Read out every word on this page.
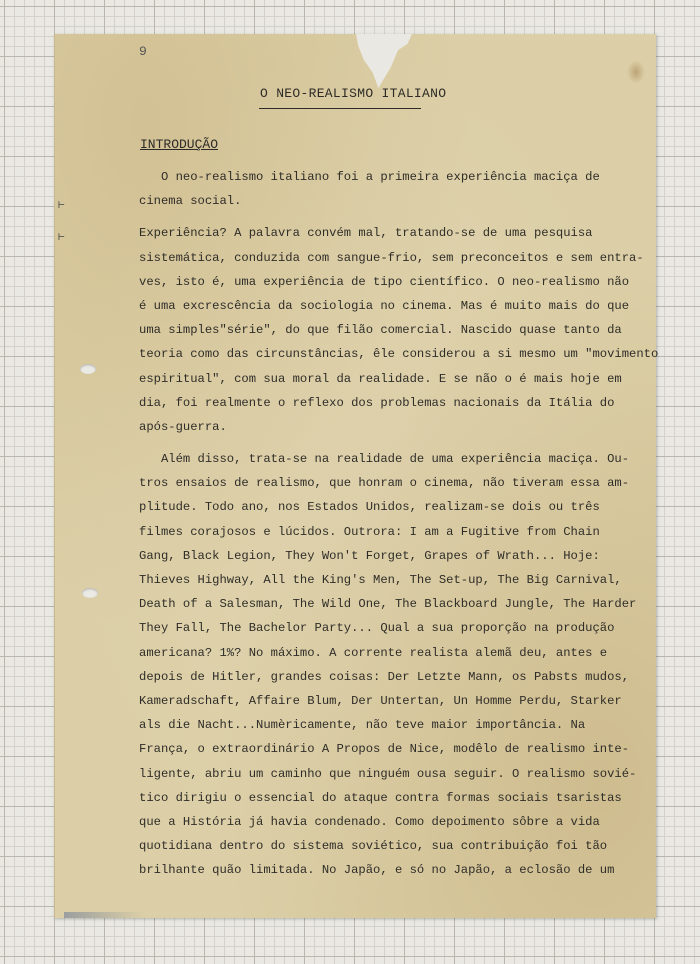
⊢
⊢
9
O NEO-REALISMO ITALIANO
INTRODUÇÃO
O neo-realismo italiano foi a primeira experiência maciça de
cinema social.
Experiência? A palavra convém mal, tratando-se de uma pesquisa
sistemática, conduzida com sangue-frio, sem preconceitos e sem entra-
ves, isto é, uma experiência de tipo científico. O neo-realismo não
é uma excrescência da sociologia no cinema. Mas é muito mais do que
uma simples"série", do que filão comercial. Nascido quase tanto da
teoria como das circunstâncias, êle considerou a si mesmo um "movimento
espiritual", com sua moral da realidade. E se não o é mais hoje em
dia, foi realmente o reflexo dos problemas nacionais da Itália do
após-guerra.
Além disso, trata-se na realidade de uma experiência maciça. Ou-
tros ensaios de realismo, que honram o cinema, não tiveram essa am-
plitude. Todo ano, nos Estados Unidos, realizam-se dois ou três
filmes corajosos e lúcidos. Outrora: I am a Fugitive from Chain
Gang, Black Legion, They Won't Forget, Grapes of Wrath... Hoje:
Thieves Highway, All the King's Men, The Set-up, The Big Carnival,
Death of a Salesman, The Wild One, The Blackboard Jungle, The Harder
They Fall, The Bachelor Party... Qual a sua proporção na produção
americana? 1%? No máximo. A corrente realista alemã deu, antes e
depois de Hitler, grandes coisas: Der Letzte Mann, os Pabsts mudos,
Kameradschaft, Affaire Blum, Der Untertan, Un Homme Perdu, Starker
als die Nacht...Numèricamente, não teve maior importância. Na
França, o extraordinário A Propos de Nice, modêlo de realismo inte-
ligente, abriu um caminho que ninguém ousa seguir. O realismo sovié-
tico dirigiu o essencial do ataque contra formas sociais tsaristas
que a História já havia condenado. Como depoimento sôbre a vida
quotidiana dentro do sistema soviético, sua contribuição foi tão
brilhante quão limitada. No Japão, e só no Japão, a eclosão de um
